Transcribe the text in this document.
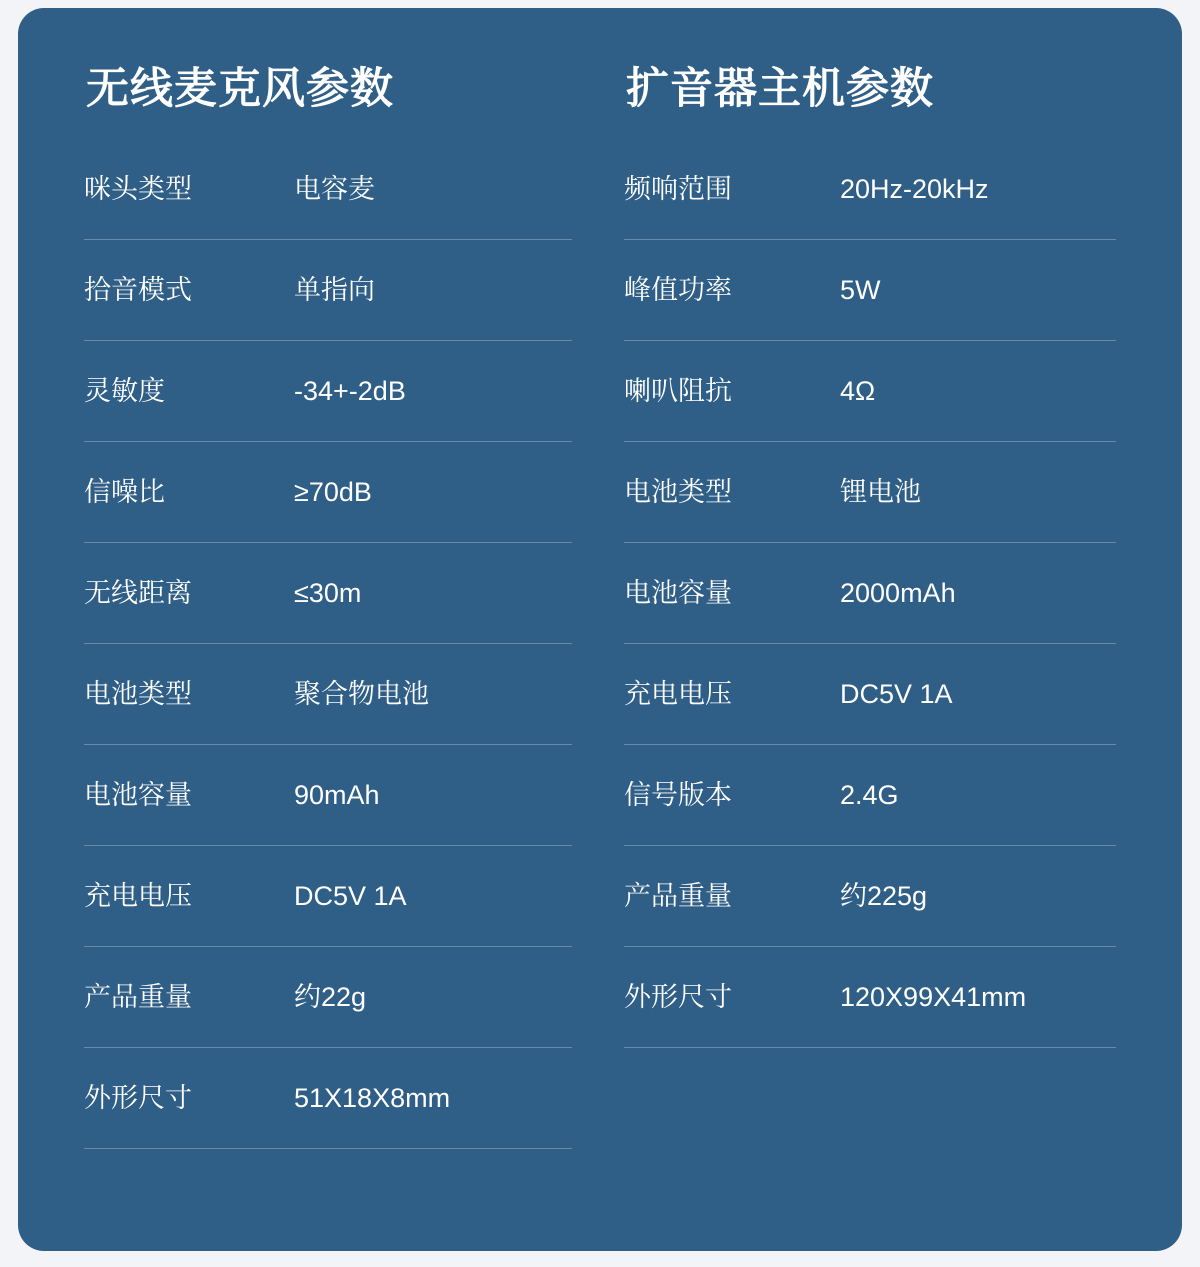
无线麦克风参数
咪头类型	电容麦
拾音模式	单指向
灵敏度	-34+-2dB
信噪比	≥70dB
无线距离	≤30m
电池类型	聚合物电池
电池容量	90mAh
充电电压	DC5V 1A
产品重量	约22g
外形尺寸	51X18X8mm
扩音器主机参数
频响范围	20Hz-20kHz
峰值功率	5W
喇叭阻抗	4Ω
电池类型	锂电池
电池容量	2000mAh
充电电压	DC5V 1A
信号版本	2.4G
产品重量	约225g
外形尺寸	120X99X41mm
